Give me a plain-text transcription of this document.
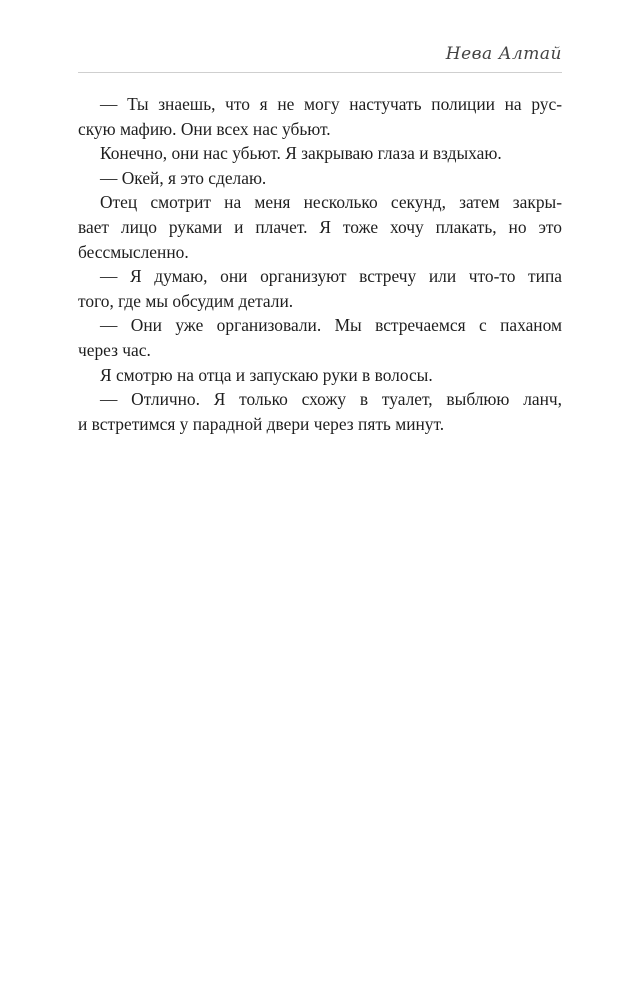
Нева Алтай
— Ты знаешь, что я не могу настучать полиции на рус-
скую мафию. Они всех нас убьют.
Конечно, они нас убьют. Я закрываю глаза и вздыхаю.
— Окей, я это сделаю.
Отец смотрит на меня несколько секунд, затем закры-
вает лицо руками и плачет. Я тоже хочу плакать, но это
бессмысленно.
— Я думаю, они организуют встречу или что-то типа
того, где мы обсудим детали.
— Они уже организовали. Мы встречаемся с паханом
через час.
Я смотрю на отца и запускаю руки в волосы.
— Отлично. Я только схожу в туалет, выблюю ланч,
и встретимся у парадной двери через пять минут.
